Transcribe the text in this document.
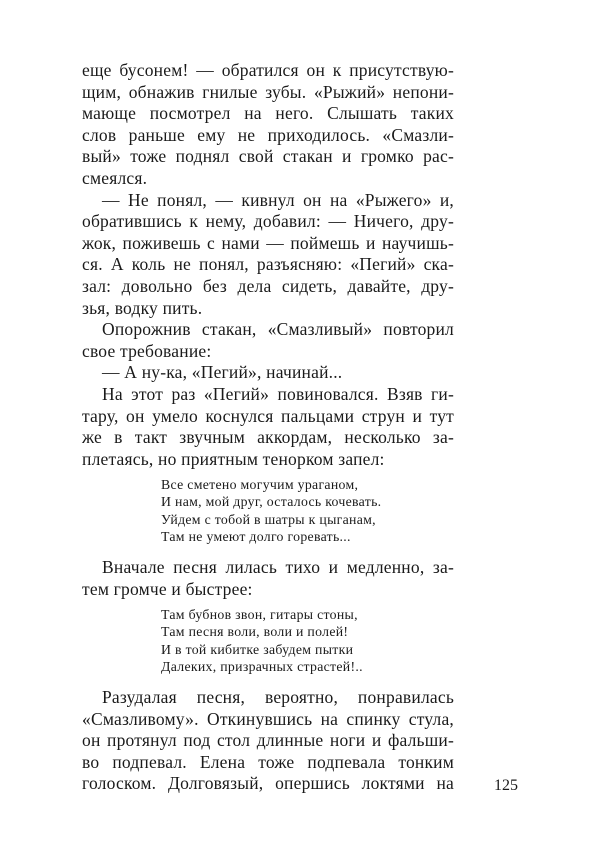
еще бусонем! — обратился он к присутствую-
щим, обнажив гнилые зубы. «Рыжий» непони-
мающе посмотрел на него. Слышать таких
слов раньше ему не приходилось. «Смазли-
вый» тоже поднял свой стакан и громко рас-
смеялся.
— Не понял, — кивнул он на «Рыжего» и,
обратившись к нему, добавил: — Ничего, дру-
жок, поживешь с нами — поймешь и научишь-
ся. А коль не понял, разъясняю: «Пегий» ска-
зал: довольно без дела сидеть, давайте, дру-
зья, водку пить.
Опорожнив стакан, «Смазливый» повторил
свое требование:
— А ну-ка, «Пегий», начинай...
На этот раз «Пегий» повиновался. Взяв ги-
тару, он умело коснулся пальцами струн и тут
же в такт звучным аккордам, несколько за-
плетаясь, но приятным тенорком запел:
Все сметено могучим ураганом,
И нам, мой друг, осталось кочевать.
Уйдем с тобой в шатры к цыганам,
Там не умеют долго горевать...
Вначале песня лилась тихо и медленно, за-
тем громче и быстрее:
Там бубнов звон, гитары стоны,
Там песня воли, воли и полей!
И в той кибитке забудем пытки
Далеких, призрачных страстей!..
Разудалая песня, вероятно, понравилась
«Смазливому». Откинувшись на спинку стула,
он протянул под стол длинные ноги и фальши-
во подпевал. Елена тоже подпевала тонким
голоском. Долговязый, опершись локтями на	125
